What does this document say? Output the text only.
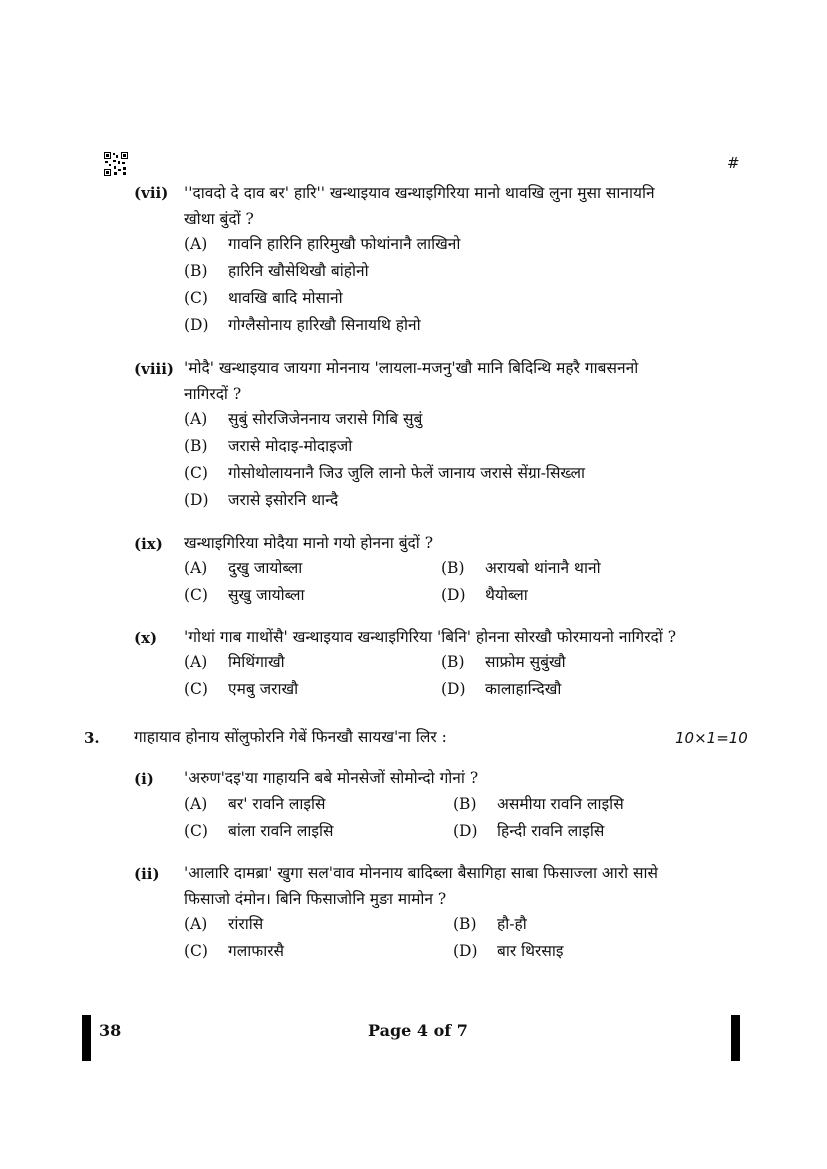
#
(vii) ''दावदो दे दाव बर' हारि'' खन्थाइयाव खन्थाइगिरिया मानो थावखि लुना मुसा सानायनि
खोथा बुंदों ?
(A) गावनि हारिनि हारिमुखौ फोथांनानै लाखिनो
(B) हारिनि खौसेथिखौ बांहोनो
(C) थावखि बादि मोसानो
(D) गोग्लैसोनाय हारिखौ सिनायथि होनो
(viii) 'मोदै' खन्थाइयाव जायगा मोननाय 'लायला-मजनु'खौ मानि बिदिन्थि महरै गाबसननो
नागिरदों ?
(A) सुबुं सोरजिजेननाय जरासे गिबि सुबुं
(B) जरासे मोदाइ-मोदाइजो
(C) गोसोथोलायनानै जिउ जुलि लानो फेलें जानाय जरासे सेंग्रा-सिख्ला
(D) जरासे इसोरनि थान्दै
(ix) खन्थाइगिरिया मोदैया मानो गयो होनना बुंदों ?
(A) दुखु जायोब्ला	(B) अरायबो थांनानै थानो
(C) सुखु जायोब्ला	(D) थैयोब्ला
(x) 'गोथां गाब गाथोंसै' खन्थाइयाव खन्थाइगिरिया 'बिनि' होनना सोरखौ फोरमायनो नागिरदों ?
(A) मिथिंगाखौ	(B) साफ्रोम सुबुंखौ
(C) एमबु जराखौ	(D) कालाहान्दिखौ
3. गाहायाव होनाय सोंलुफोरनि गेबें फिनखौ सायख'ना लिर :	10×1=10
(i) 'अरुण'दइ'या गाहायनि बबे मोनसेजों सोमोन्दो गोनां ?
(A) बर' रावनि लाइसि	(B) असमीया रावनि लाइसि
(C) बांला रावनि लाइसि	(D) हिन्दी रावनि लाइसि
(ii) 'आलारि दामब्रा' खुगा सल'वाव मोननाय बादिब्ला बैसागिहा साबा फिसाज्ला आरो सासे
फिसाजो दंमोन। बिनि फिसाजोनि मुङा मामोन ?
(A) रांरासि	(B) हौ-हौ
(C) गलाफारसै	(D) बार थिरसाइ
38	Page 4 of 7
